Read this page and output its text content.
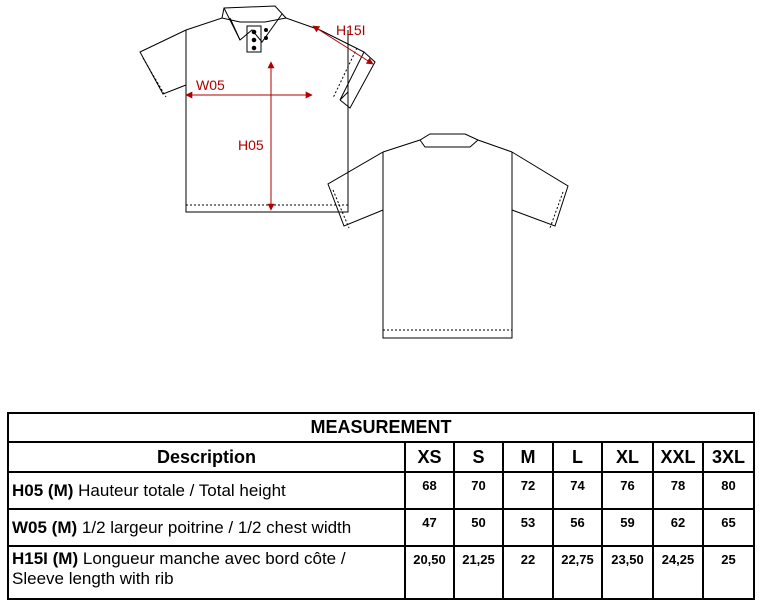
H15I
W05
H05
MEASUREMENT							
Description	XS	S	M	L	XL	XXL	3XL
H05 (M) Hauteur totale / Total height	68	70	72	74	76	78	80
W05 (M) 1/2 largeur poitrine / 1/2 chest width	47	50	53	56	59	62	65
H15I (M) Longueur manche avec bord côte /
Sleeve length with rib	20,50	21,25	22	22,75	23,50	24,25	25
